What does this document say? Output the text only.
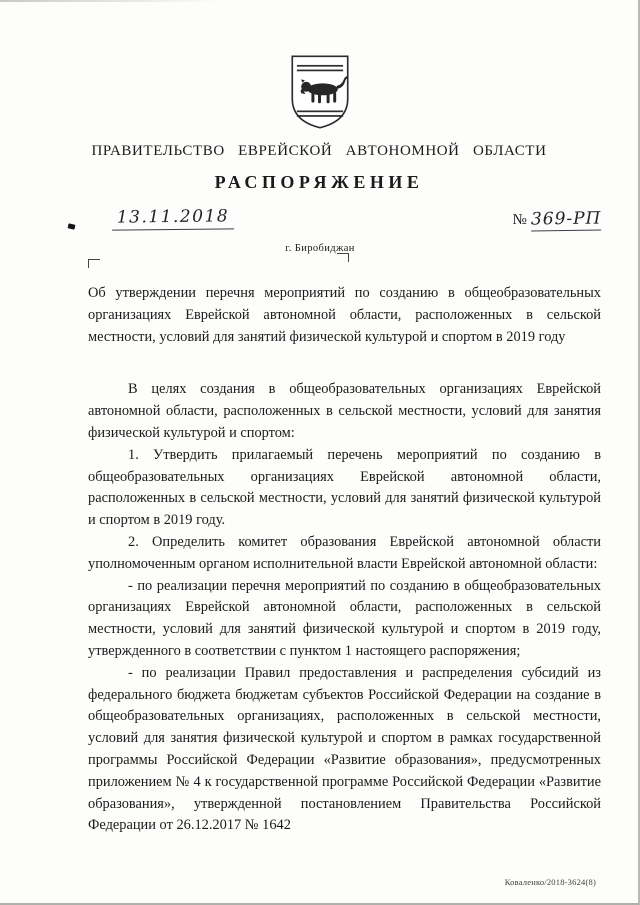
ПРАВИТЕЛЬСТВО ЕВРЕЙСКОЙ АВТОНОМНОЙ ОБЛАСТИ
РАСПОРЯЖЕНИЕ
13.11.2018	№ 369-РП
г. Биробиджан
Об утверждении перечня мероприятий по созданию в общеобразовательных организациях Еврейской автономной области, расположенных в сельской местности, условий для занятий физической культурой и спортом в 2019 году

В целях создания в общеобразовательных организациях Еврейской автономной области, расположенных в сельской местности, условий для занятия физической культурой и спортом:

1. Утвердить прилагаемый перечень мероприятий по созданию в общеобразовательных организациях Еврейской автономной области, расположенных в сельской местности, условий для занятий физической культурой и спортом в 2019 году.

2. Определить комитет образования Еврейской автономной области уполномоченным органом исполнительной власти Еврейской автономной области:

- по реализации перечня мероприятий по созданию в общеобразовательных организациях Еврейской автономной области, расположенных в сельской местности, условий для занятий физической культурой и спортом в 2019 году, утвержденного в соответствии с пунктом 1 настоящего распоряжения;

- по реализации Правил предоставления и распределения субсидий из федерального бюджета бюджетам субъектов Российской Федерации на создание в общеобразовательных организациях, расположенных в сельской местности, условий для занятия физической культурой и спортом в рамках государственной программы Российской Федерации «Развитие образования», предусмотренных приложением № 4 к государственной программе Российской Федерации «Развитие образования», утвержденной постановлением Правительства Российской Федерации от 26.12.2017 № 1642

Коваленко/2018-3624(8)
